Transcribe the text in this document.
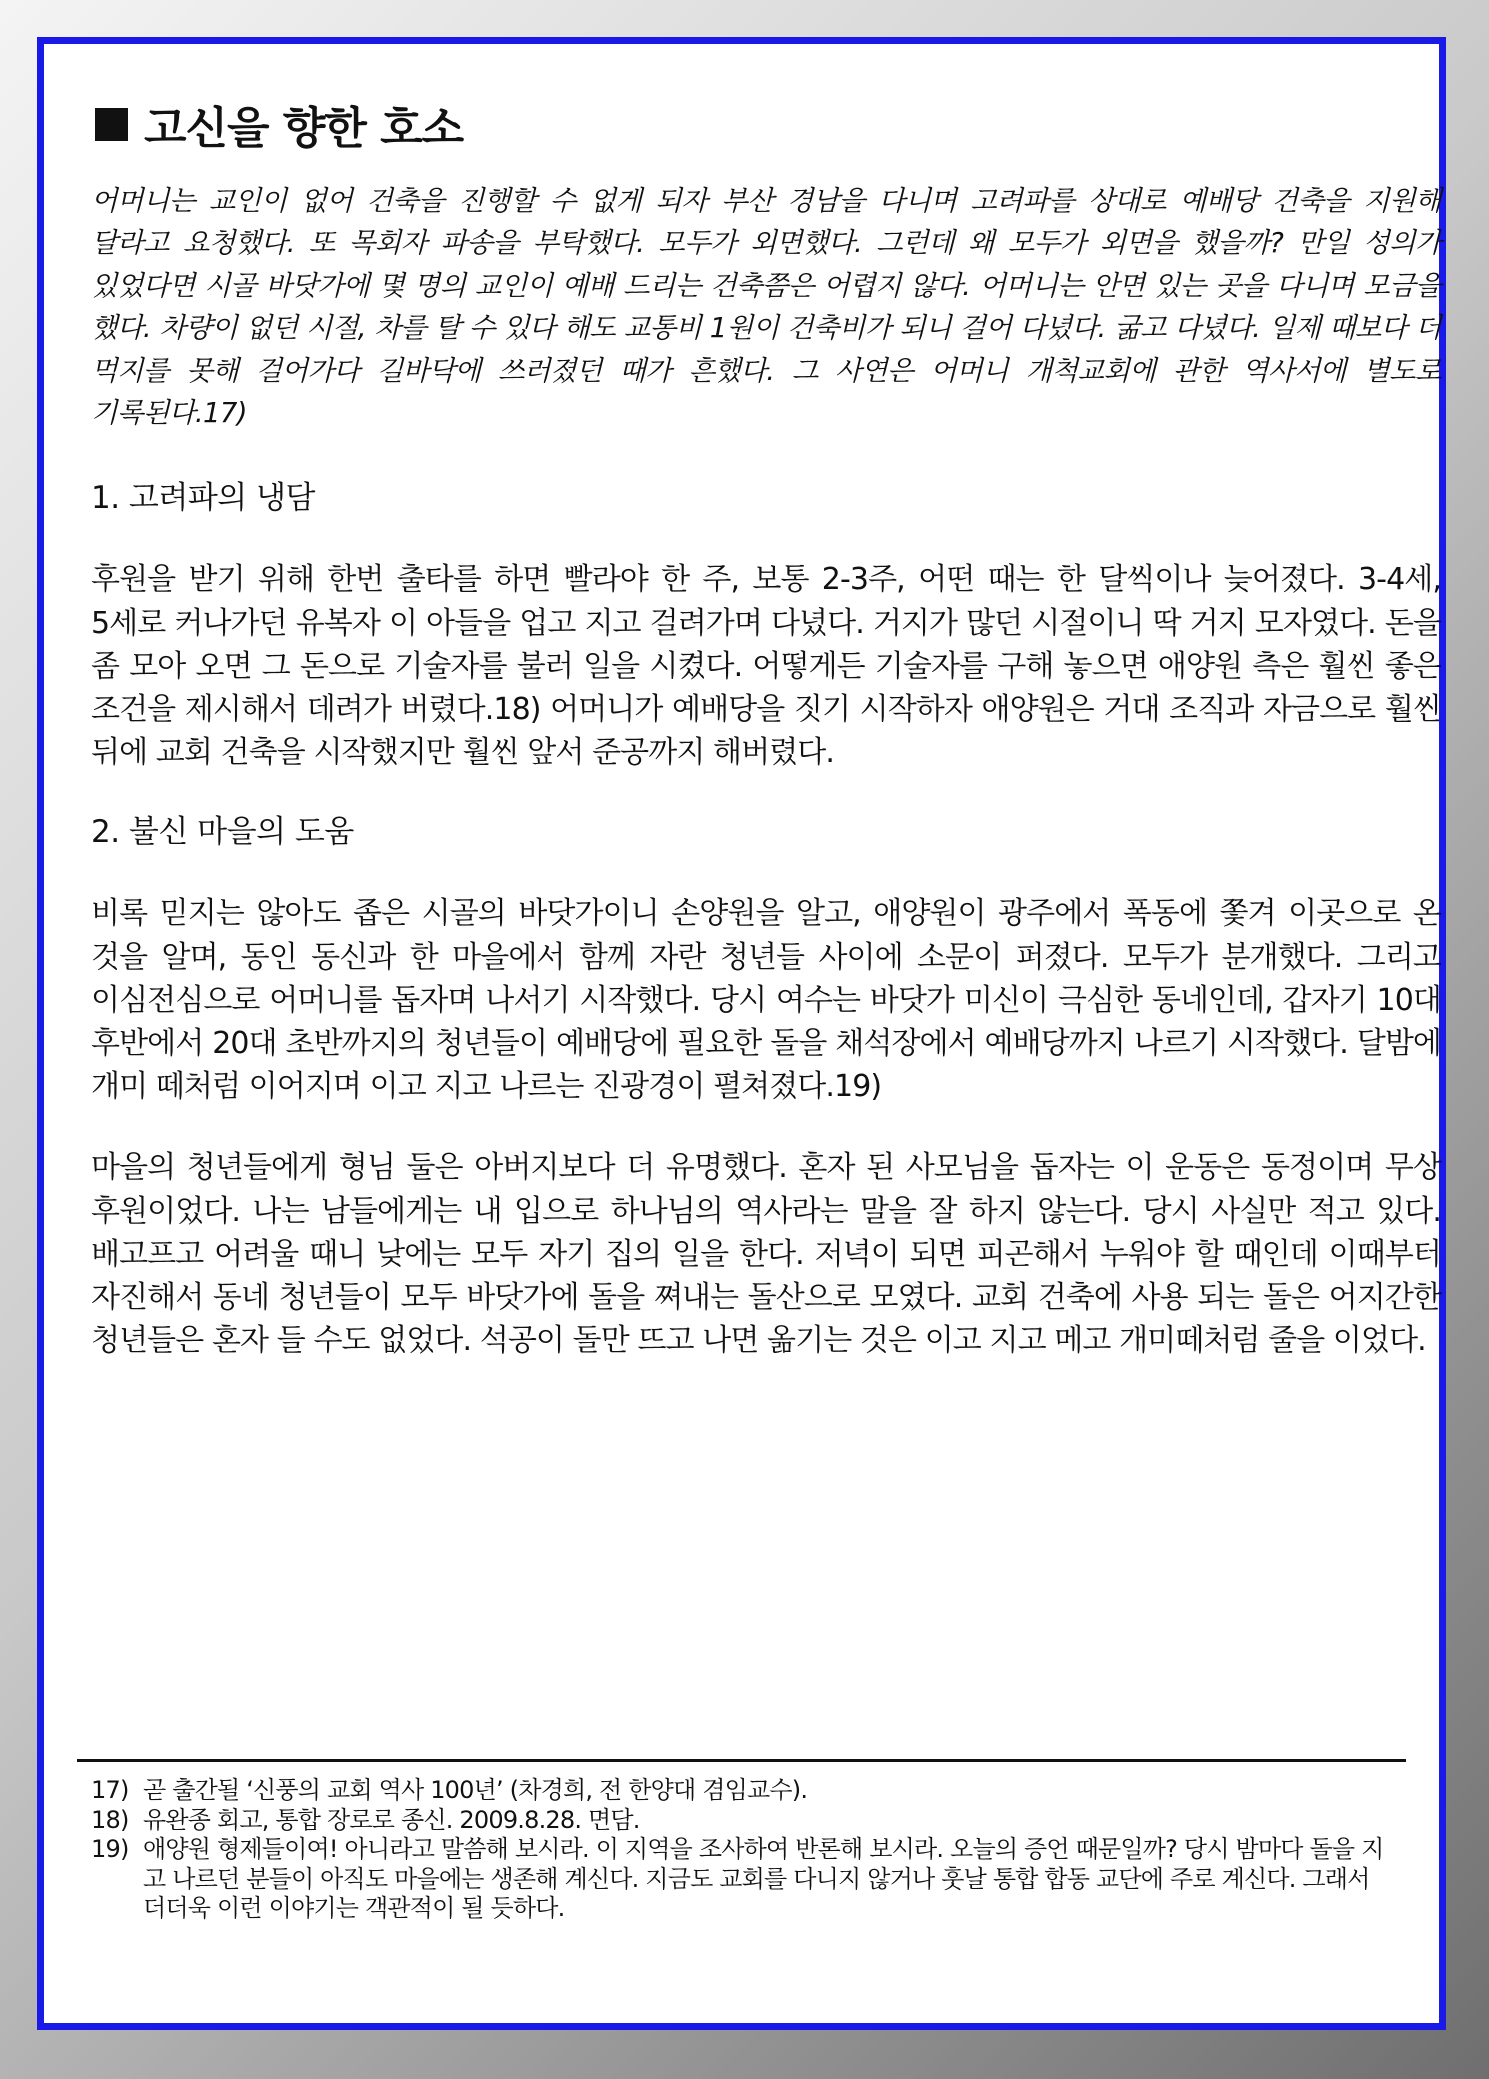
고신을 향한 호소

어머니는 교인이 없어 건축을 진행할 수 없게 되자 부산 경남을 다니며 고려파를 상대로 예배당 건축을 지원해 달라고 요청했다. 또 목회자 파송을 부탁했다. 모두가 외면했다. 그런데 왜 모두가 외면을 했을까? 만일 성의가 있었다면 시골 바닷가에 몇 명의 교인이 예배 드리는 건축쯤은 어렵지 않다. 어머니는 안면 있는 곳을 다니며 모금을 했다. 차량이 없던 시절, 차를 탈 수 있다 해도 교통비 1원이 건축비가 되니 걸어 다녔다. 굶고 다녔다. 일제 때보다 더 먹지를 못해 걸어가다 길바닥에 쓰러졌던 때가 흔했다. 그 사연은 어머니 개척교회에 관한 역사서에 별도로 기록된다.17)

1. 고려파의 냉담

후원을 받기 위해 한번 출타를 하면 빨라야 한 주, 보통 2-3주, 어떤 때는 한 달씩이나 늦어졌다. 3-4세, 5세로 커나가던 유복자 이 아들을 업고 지고 걸려가며 다녔다. 거지가 많던 시절이니 딱 거지 모자였다. 돈을 좀 모아 오면 그 돈으로 기술자를 불러 일을 시켰다. 어떻게든 기술자를 구해 놓으면 애양원 측은 훨씬 좋은 조건을 제시해서 데려가 버렸다.18) 어머니가 예배당을 짓기 시작하자 애양원은 거대 조직과 자금으로 훨씬 뒤에 교회 건축을 시작했지만 훨씬 앞서 준공까지 해버렸다.

2. 불신 마을의 도움

비록 믿지는 않아도 좁은 시골의 바닷가이니 손양원을 알고, 애양원이 광주에서 폭동에 쫓겨 이곳으로 온 것을 알며, 동인 동신과 한 마을에서 함께 자란 청년들 사이에 소문이 퍼졌다. 모두가 분개했다. 그리고 이심전심으로 어머니를 돕자며 나서기 시작했다. 당시 여수는 바닷가 미신이 극심한 동네인데, 갑자기 10대 후반에서 20대 초반까지의 청년들이 예배당에 필요한 돌을 채석장에서 예배당까지 나르기 시작했다. 달밤에 개미 떼처럼 이어지며 이고 지고 나르는 진광경이 펼쳐졌다.19)

마을의 청년들에게 형님 둘은 아버지보다 더 유명했다. 혼자 된 사모님을 돕자는 이 운동은 동정이며 무상 후원이었다. 나는 남들에게는 내 입으로 하나님의 역사라는 말을 잘 하지 않는다. 당시 사실만 적고 있다. 배고프고 어려울 때니 낮에는 모두 자기 집의 일을 한다. 저녁이 되면 피곤해서 누워야 할 때인데 이때부터 자진해서 동네 청년들이 모두 바닷가에 돌을 쪄내는 돌산으로 모였다. 교회 건축에 사용 되는 돌은 어지간한 청년들은 혼자 들 수도 없었다. 석공이 돌만 뜨고 나면 옮기는 것은 이고 지고 메고 개미떼처럼 줄을 이었다.

17) 곧 출간될 ‘신풍의 교회 역사 100년’ (차경희, 전 한양대 겸임교수).
18) 유완종 회고, 통합 장로로 종신. 2009.8.28. 면담.
19) 애양원 형제들이여! 아니라고 말씀해 보시라. 이 지역을 조사하여 반론해 보시라. 오늘의 증언 때문일까? 당시 밤마다 돌을 지고 나르던 분들이 아직도 마을에는 생존해 계신다. 지금도 교회를 다니지 않거나 훗날 통합 합동 교단에 주로 계신다. 그래서 더더욱 이런 이야기는 객관적이 될 듯하다.
